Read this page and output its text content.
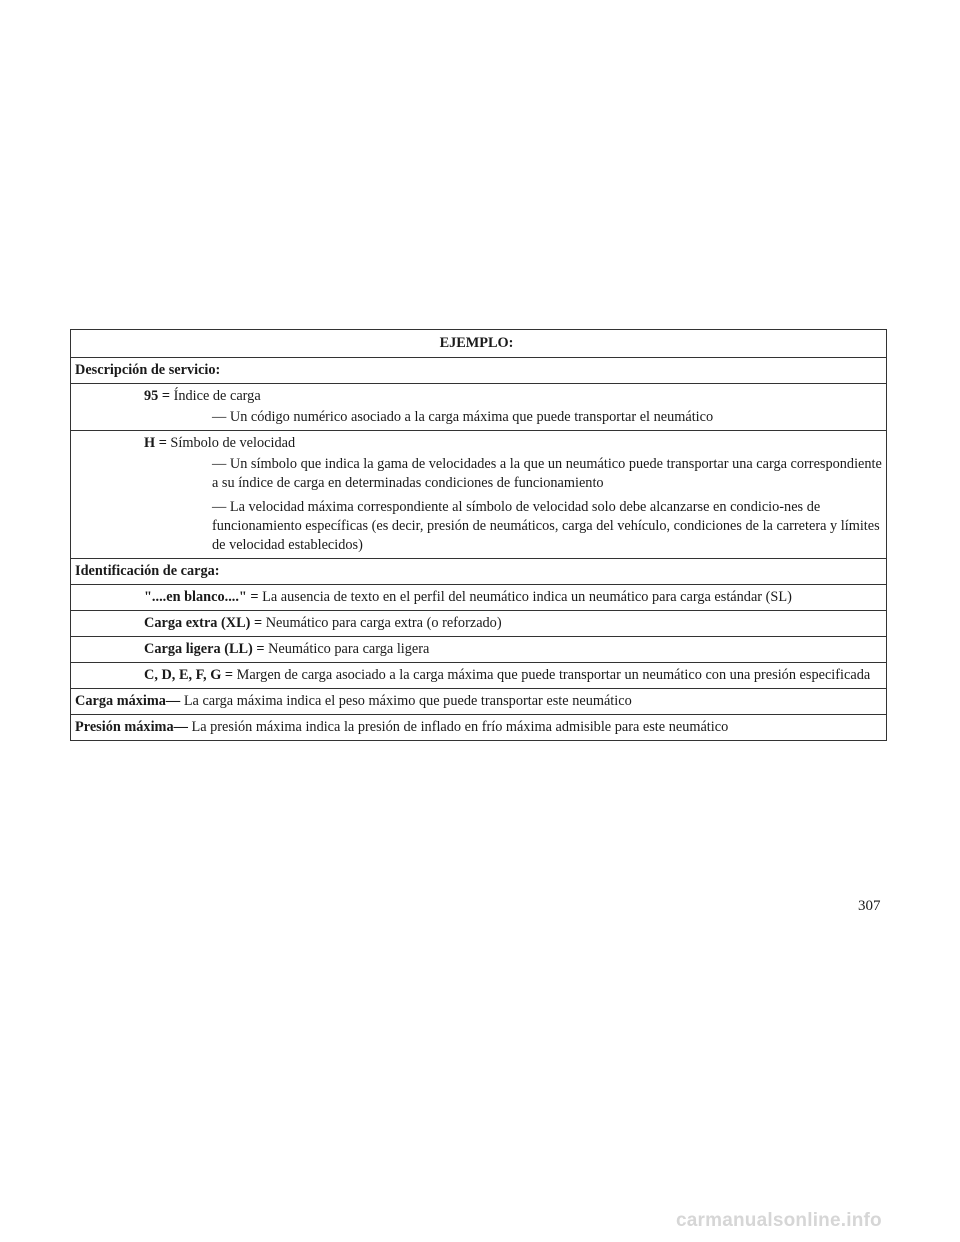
EJEMPLO:
Descripción de servicio:
95 = Índice de carga
— Un código numérico asociado a la carga máxima que puede transportar el neumático
H = Símbolo de velocidad
— Un símbolo que indica la gama de velocidades a la que un neumático puede transportar una carga correspondiente a su índice de carga en determinadas condiciones de funcionamiento
— La velocidad máxima correspondiente al símbolo de velocidad solo debe alcanzarse en condicio-nes de funcionamiento específicas (es decir, presión de neumáticos, carga del vehículo, condiciones de la carretera y límites de velocidad establecidos)
Identificación de carga:
"....en blanco...." = La ausencia de texto en el perfil del neumático indica un neumático para carga estándar (SL)
Carga extra (XL) = Neumático para carga extra (o reforzado)
Carga ligera (LL) = Neumático para carga ligera
C, D, E, F, G = Margen de carga asociado a la carga máxima que puede transportar un neumático con una presión especificada
Carga máxima— La carga máxima indica el peso máximo que puede transportar este neumático
Presión máxima— La presión máxima indica la presión de inflado en frío máxima admisible para este neumático
307
carmanualsonline.info
